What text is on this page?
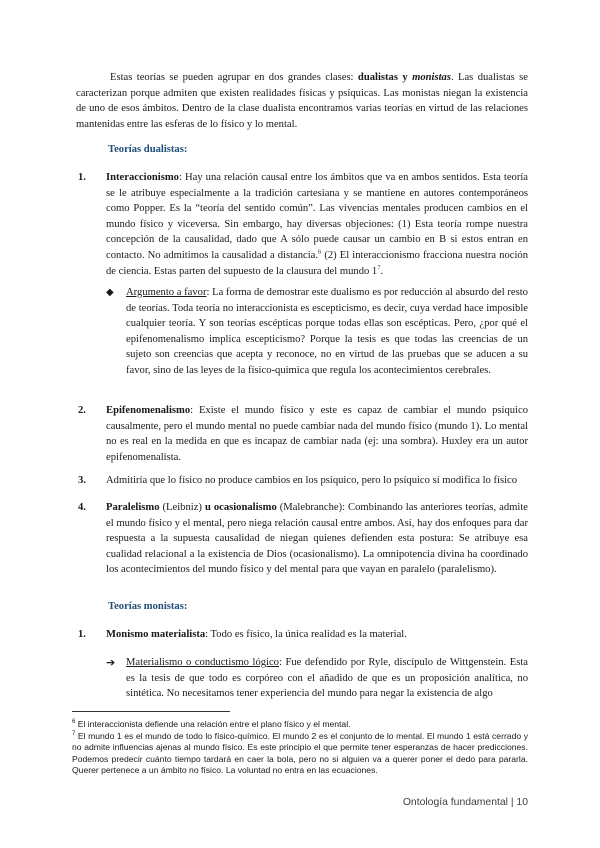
Estas teorías se pueden agrupar en dos grandes clases: dualistas y monistas. Las dualistas se caracterizan porque admiten que existen realidades físicas y psíquicas. Las monistas niegan la existencia de uno de esos ámbitos. Dentro de la clase dualista encontramos varias teorías en virtud de las relaciones mantenidas entre las esferas de lo físico y lo mental.
Teorías dualistas:
1. Interaccionismo: Hay una relación causal entre los ámbitos que va en ambos sentidos. Esta teoría se le atribuye especialmente a la tradición cartesiana y se mantiene en autores contemporáneos como Popper. Es la “teoría del sentido común”. Las vivencias mentales producen cambios en el mundo físico y viceversa. Sin embargo, hay diversas objeciones: (1) Esta teoría rompe nuestra concepción de la causalidad, dado que A sólo puede causar un cambio en B si estos entran en contacto. No admitimos la causalidad a distancia.$^6$ (2) El interaccionismo fracciona nuestra noción de ciencia. Estas parten del supuesto de la clausura del mundo $1^7$.
◆ Argumento a favor: La forma de demostrar este dualismo es por reducción al absurdo del resto de teorías. Toda teoría no interaccionista es escepticismo, es decir, cuya verdad hace imposible cualquier teoría. Y son teorías escépticas porque todas ellas son escépticas. Pero, ¿por qué el epifenomenalismo implica escepticismo? Porque la tesis es que todas las creencias de un sujeto son creencias que acepta y reconoce, no en virtud de las pruebas que se aducen a su favor, sino de las leyes de la físico-química que regula los acontecimientos cerebrales.
2. Epifenomenalismo: Existe el mundo físico y este es capaz de cambiar el mundo psíquico causalmente, pero el mundo mental no puede cambiar nada del mundo físico (mundo 1). Lo mental no es real en la medida en que es incapaz de cambiar nada (ej: una sombra). Huxley era un autor epifenomenalista.
3. Admitiría que lo físico no produce cambios en los psíquico, pero lo psíquico sí modifica lo físico
4. Paralelismo (Leibniz) u ocasionalismo (Malebranche): Combinando las anteriores teorías, admite el mundo físico y el mental, pero niega relación causal entre ambos. Así, hay dos enfoques para dar respuesta a la supuesta causalidad de niegan quienes defienden esta postura: Se atribuye esa cualidad relacional a la existencia de Dios (ocasionalismo). La omnipotencia divina ha coordinado los acontecimientos del mundo físico y del mental para que vayan en paralelo (paralelismo).
Teorías monistas:
1. Monismo materialista: Todo es físico, la única realidad es la material.
➔ Materialismo o conductismo lógico: Fue defendido por Ryle, discípulo de Wittgenstein. Esta es la tesis de que todo es corpóreo con el añadido de que es un proposición analítica, no sintética. No necesitamos tener experiencia del mundo para negar la existencia de algo
$^6$ El interaccionista defiende una relación entre el plano físico y el mental.
$^7$ El mundo 1 es el mundo de todo lo físico-químico. El mundo 2 es el conjunto de lo mental. El mundo 1 está cerrado y no admite influencias ajenas al mundo físico. Es este principio el que permite tener esperanzas de hacer predicciones. Podemos predecir cuánto tiempo tardará en caer la bola, pero no si alguien va a querer poner el dedo para pararla. Querer pertenece a un ámbito no físico. La voluntad no entra en las ecuaciones.
Ontología fundamental | 10
